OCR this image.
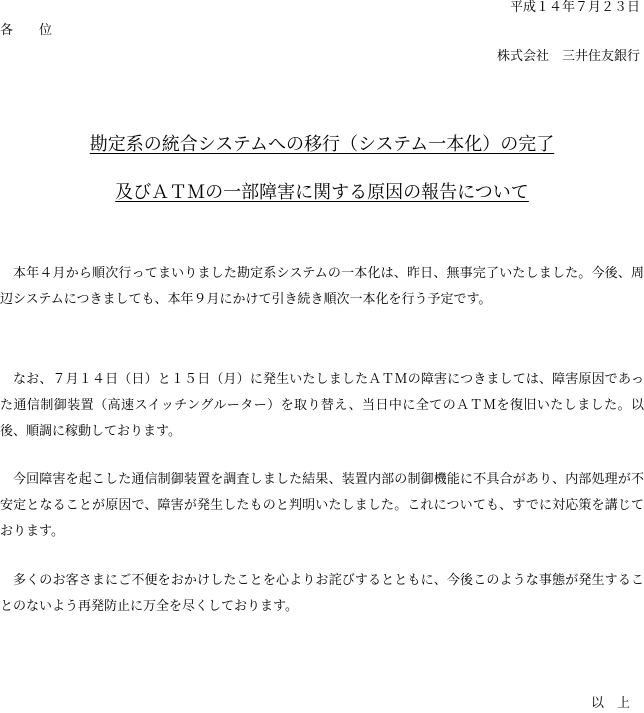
平成１４年７月２３日
各　　位
株式会社　三井住友銀行
勘定系の統合システムへの移行（システム一本化）の完了
及びＡＴＭの一部障害に関する原因の報告について
本年４月から順次行ってまいりました勘定系システムの一本化は、昨日、無事完了いたしました。今後、周辺システムにつきましても、本年９月にかけて引き続き順次一本化を行う予定です。
なお、７月１４日（日）と１５日（月）に発生いたしましたＡＴＭの障害につきましては、障害原因であった通信制御装置（高速スイッチングルーター）を取り替え、当日中に全てのＡＴＭを復旧いたしました。以後、順調に稼動しております。
今回障害を起こした通信制御装置を調査しました結果、装置内部の制御機能に不具合があり、内部処理が不安定となることが原因で、障害が発生したものと判明いたしました。これについても、すでに対応策を講じております。
多くのお客さまにご不便をおかけしたことを心よりお詫びするとともに、今後このような事態が発生することのないよう再発防止に万全を尽くしております。
以　上
